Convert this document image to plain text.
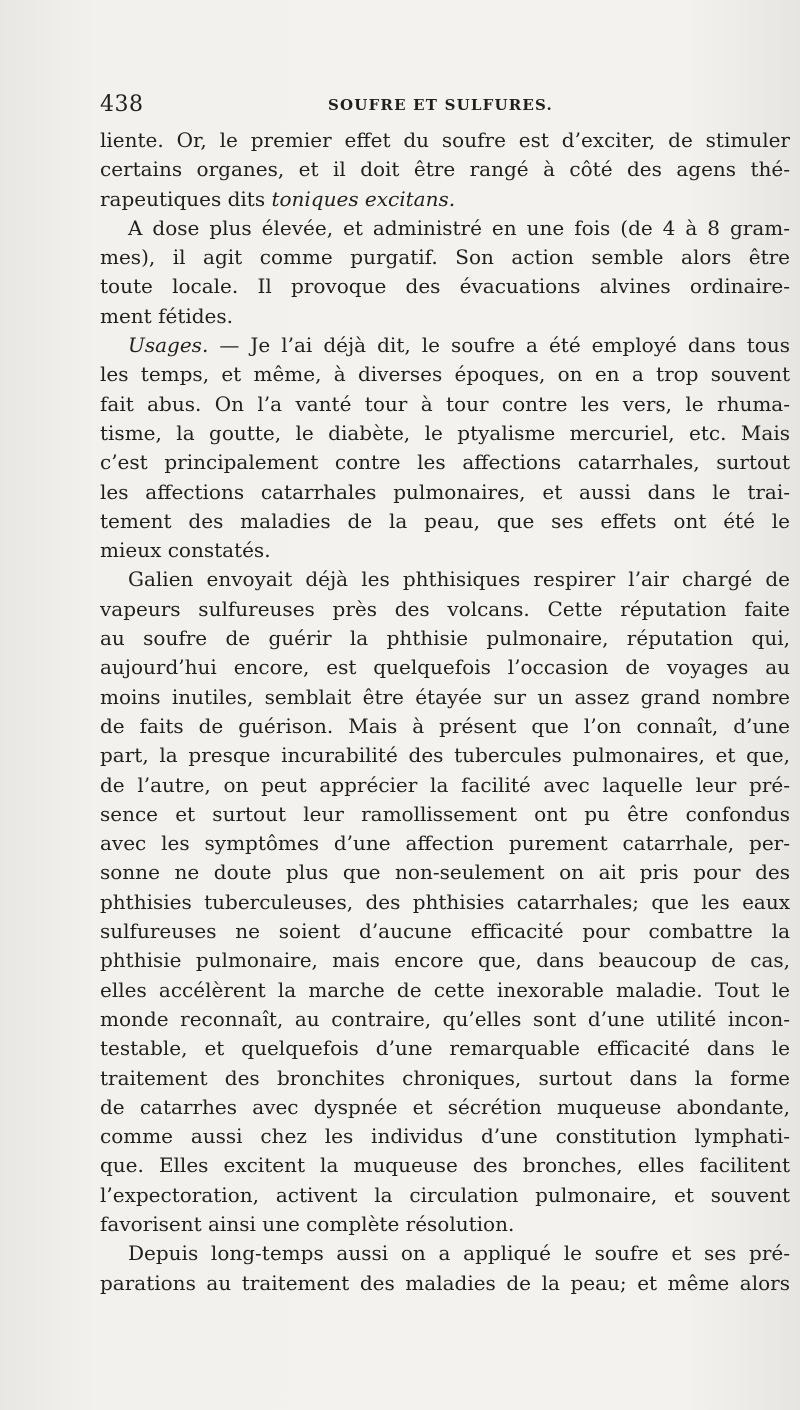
438	SOUFRE ET SULFURES.
liente. Or, le premier effet du soufre est d’exciter, de stimuler
certains organes, et il doit être rangé à côté des agens thé-
rapeutiques dits toniques excitans.
A dose plus élevée, et administré en une fois (de 4 à 8 gram-
mes), il agit comme purgatif. Son action semble alors être
toute locale. Il provoque des évacuations alvines ordinaire-
ment fétides.
Usages. — Je l’ai déjà dit, le soufre a été employé dans tous
les temps, et même, à diverses époques, on en a trop souvent
fait abus. On l’a vanté tour à tour contre les vers, le rhuma-
tisme, la goutte, le diabète, le ptyalisme mercuriel, etc. Mais
c’est principalement contre les affections catarrhales, surtout
les affections catarrhales pulmonaires, et aussi dans le trai-
tement des maladies de la peau, que ses effets ont été le
mieux constatés.
Galien envoyait déjà les phthisiques respirer l’air chargé de
vapeurs sulfureuses près des volcans. Cette réputation faite
au soufre de guérir la phthisie pulmonaire, réputation qui,
aujourd’hui encore, est quelquefois l’occasion de voyages au
moins inutiles, semblait être étayée sur un assez grand nombre
de faits de guérison. Mais à présent que l’on connaît, d’une
part, la presque incurabilité des tubercules pulmonaires, et que,
de l’autre, on peut apprécier la facilité avec laquelle leur pré-
sence et surtout leur ramollissement ont pu être confondus
avec les symptômes d’une affection purement catarrhale, per-
sonne ne doute plus que non-seulement on ait pris pour des
phthisies tuberculeuses, des phthisies catarrhales; que les eaux
sulfureuses ne soient d’aucune efficacité pour combattre la
phthisie pulmonaire, mais encore que, dans beaucoup de cas,
elles accélèrent la marche de cette inexorable maladie. Tout le
monde reconnaît, au contraire, qu’elles sont d’une utilité incon-
testable, et quelquefois d’une remarquable efficacité dans le
traitement des bronchites chroniques, surtout dans la forme
de catarrhes avec dyspnée et sécrétion muqueuse abondante,
comme aussi chez les individus d’une constitution lymphati-
que. Elles excitent la muqueuse des bronches, elles facilitent
l’expectoration, activent la circulation pulmonaire, et souvent
favorisent ainsi une complète résolution.
Depuis long-temps aussi on a appliqué le soufre et ses pré-
parations au traitement des maladies de la peau; et même alors
